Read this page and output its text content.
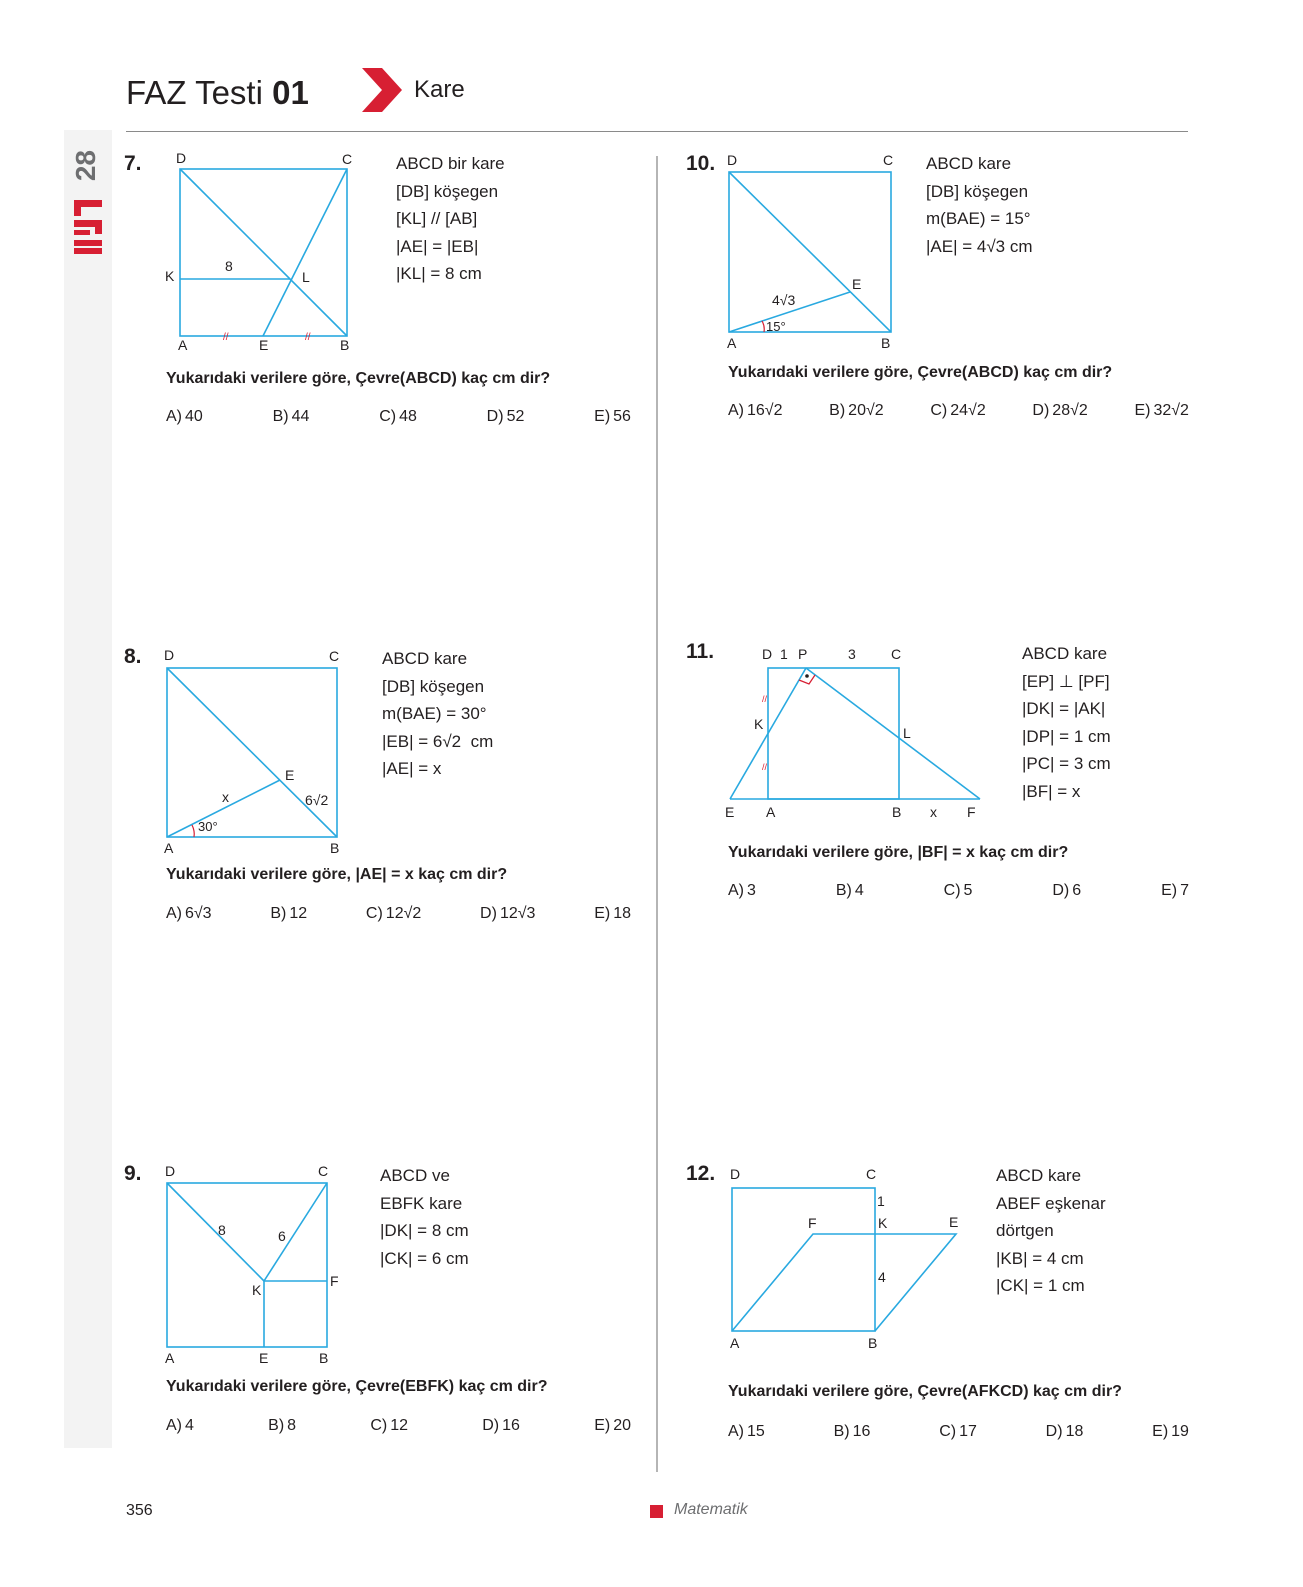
28
FAZ Testi 01	Kare
7. D	C
K	L
8
A	E	B
//	//
ABCD bir kare
[DB] köşegen
[KL] // [AB]
|AE| = |EB|
|KL| = 8 cm
Yukarıdaki verilere göre, Çevre(ABCD) kaç cm dir?
A) 40	B) 44	C) 48	D) 52	E) 56
8. D	C
E
x	6√2
30°
A	B
ABCD kare
[DB] köşegen
m(BAE) = 30°
|EB| = 6√2  cm
|AE| = x
Yukarıdaki verilere göre, |AE| = x kaç cm dir?
A) 6√3	B) 12	C) 12√2	D) 12√3	E) 18
9. D	C
8	6
K
F
A	E	B
ABCD ve
EBFK kare
|DK| = 8 cm
|CK| = 6 cm
Yukarıdaki verilere göre, Çevre(EBFK) kaç cm dir?
A) 4	B) 8	C) 12	D) 16	E) 20
10. D	C
E
4√3
15°
A	B
ABCD kare
[DB] köşegen
m(BAE) = 15°
|AE| = 4√3 cm
Yukarıdaki verilere göre, Çevre(ABCD) kaç cm dir?
A) 16√2	B) 20√2	C) 24√2	D) 28√2	E) 32√2
11.
//
//
D 1 P	3	C
K
L
E A	B x F
ABCD kare
[EP] ⊥ [PF]
|DK| = |AK|
|DP| = 1 cm
|PC| = 3 cm
|BF| = x
Yukarıdaki verilere göre, |BF| = x kaç cm dir?
A) 3	B) 4	C) 5	D) 6	E) 7
12. D	C
1
F	K	E
4
A	B
ABCD kare
ABEF eşkenar
dörtgen
|KB| = 4 cm
|CK| = 1 cm
Yukarıdaki verilere göre, Çevre(AFKCD) kaç cm dir?
A) 15	B) 16	C) 17	D) 18	E) 19
356	Matematik
